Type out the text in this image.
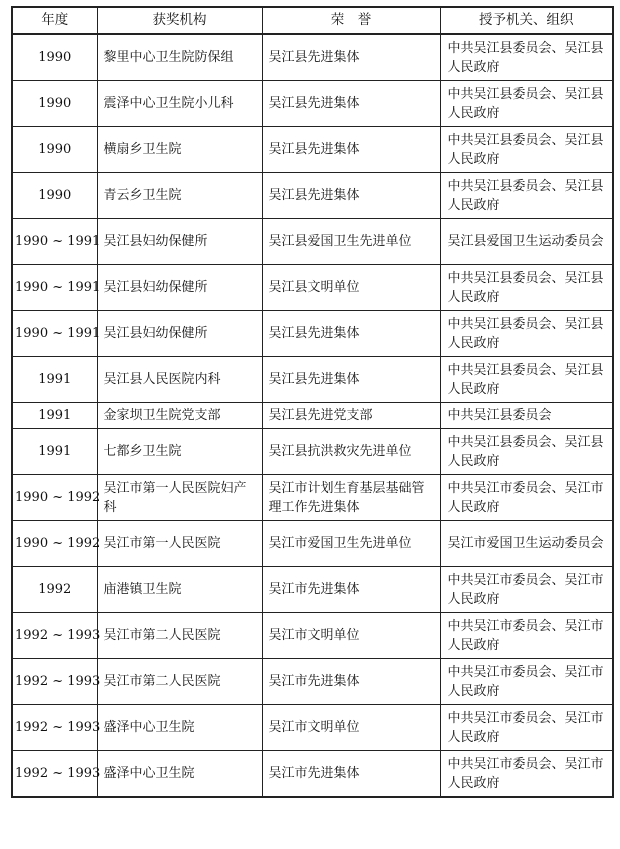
年度	获奖机构	荣　誉	授予机关、组织
1990	黎里中心卫生院防保组	吴江县先进集体	中共吴江县委员会、吴江县人民政府
1990	震泽中心卫生院小儿科	吴江县先进集体	中共吴江县委员会、吴江县人民政府
1990	横扇乡卫生院	吴江县先进集体	中共吴江县委员会、吴江县人民政府
1990	青云乡卫生院	吴江县先进集体	中共吴江县委员会、吴江县人民政府
1990 ~ 1991	吴江县妇幼保健所	吴江县爱国卫生先进单位	吴江县爱国卫生运动委员会
1990 ~ 1991	吴江县妇幼保健所	吴江县文明单位	中共吴江县委员会、吴江县人民政府
1990 ~ 1991	吴江县妇幼保健所	吴江县先进集体	中共吴江县委员会、吴江县人民政府
1991	吴江县人民医院内科	吴江县先进集体	中共吴江县委员会、吴江县人民政府
1991	金家坝卫生院党支部	吴江县先进党支部	中共吴江县委员会
1991	七都乡卫生院	吴江县抗洪救灾先进单位	中共吴江县委员会、吴江县人民政府
1990 ~ 1992	吴江市第一人民医院妇产科	吴江市计划生育基层基础管理工作先进集体	中共吴江市委员会、吴江市人民政府
1990 ~ 1992	吴江市第一人民医院	吴江市爱国卫生先进单位	吴江市爱国卫生运动委员会
1992	庙港镇卫生院	吴江市先进集体	中共吴江市委员会、吴江市人民政府
1992 ~ 1993	吴江市第二人民医院	吴江市文明单位	中共吴江市委员会、吴江市人民政府
1992 ~ 1993	吴江市第二人民医院	吴江市先进集体	中共吴江市委员会、吴江市人民政府
1992 ~ 1993	盛泽中心卫生院	吴江市文明单位	中共吴江市委员会、吴江市人民政府
1992 ~ 1993	盛泽中心卫生院	吴江市先进集体	中共吴江市委员会、吴江市人民政府
